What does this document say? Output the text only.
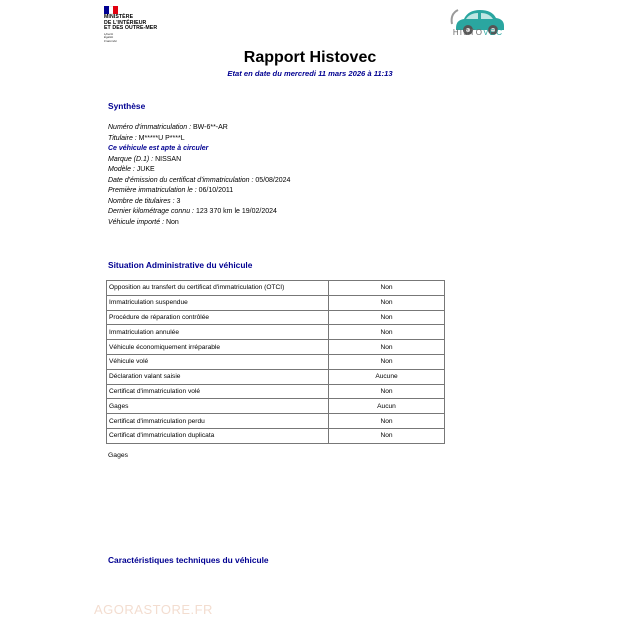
MINISTÈRE
DE L'INTÉRIEUR
ET DES OUTRE-MER
Liberté
Égalité
Fraternité
HISTOVEC
Rapport Histovec
Etat en date du mercredi 11 mars 2026 à 11:13
Synthèse
Numéro d'immatriculation : BW-6**-AR
Titulaire : M*****U P****L
Ce véhicule est apte à circuler
Marque (D.1) : NISSAN
Modèle : JUKE
Date d'émission du certificat d'immatriculation : 05/08/2024
Première immatriculation le : 06/10/2011
Nombre de titulaires : 3
Dernier kilométrage connu : 123 370 km le 19/02/2024
Véhicule importé : Non
Situation Administrative du véhicule
Opposition au transfert du certificat d'immatriculation (OTCI)	Non
Immatriculation suspendue	Non
Procédure de réparation contrôlée	Non
Immatriculation annulée	Non
Véhicule économiquement irréparable	Non
Véhicule volé	Non
Déclaration valant saisie	Aucune
Certificat d'immatriculation volé	Non
Gages	Aucun
Certificat d'immatriculation perdu	Non
Certificat d'immatriculation duplicata	Non
Gages
Caractéristiques techniques du véhicule
AGORASTORE.FR
